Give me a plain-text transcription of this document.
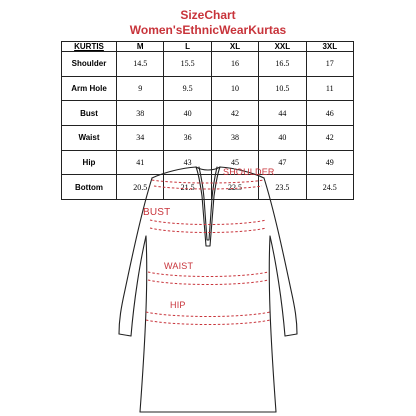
SizeChart
Women'sEthnicWearKurtas
KURTIS	M	L	XL	XXL	3XL
Shoulder	14.5	15.5	16	16.5	17
Arm Hole	9	9.5	10	10.5	11
Bust	38	40	42	44	46
Waist	34	36	38	40	42
Hip	41	43	45	47	49
Bottom	20.5	21.5	22.5	23.5	24.5
SHOULDER
BUST
WAIST
HIP
